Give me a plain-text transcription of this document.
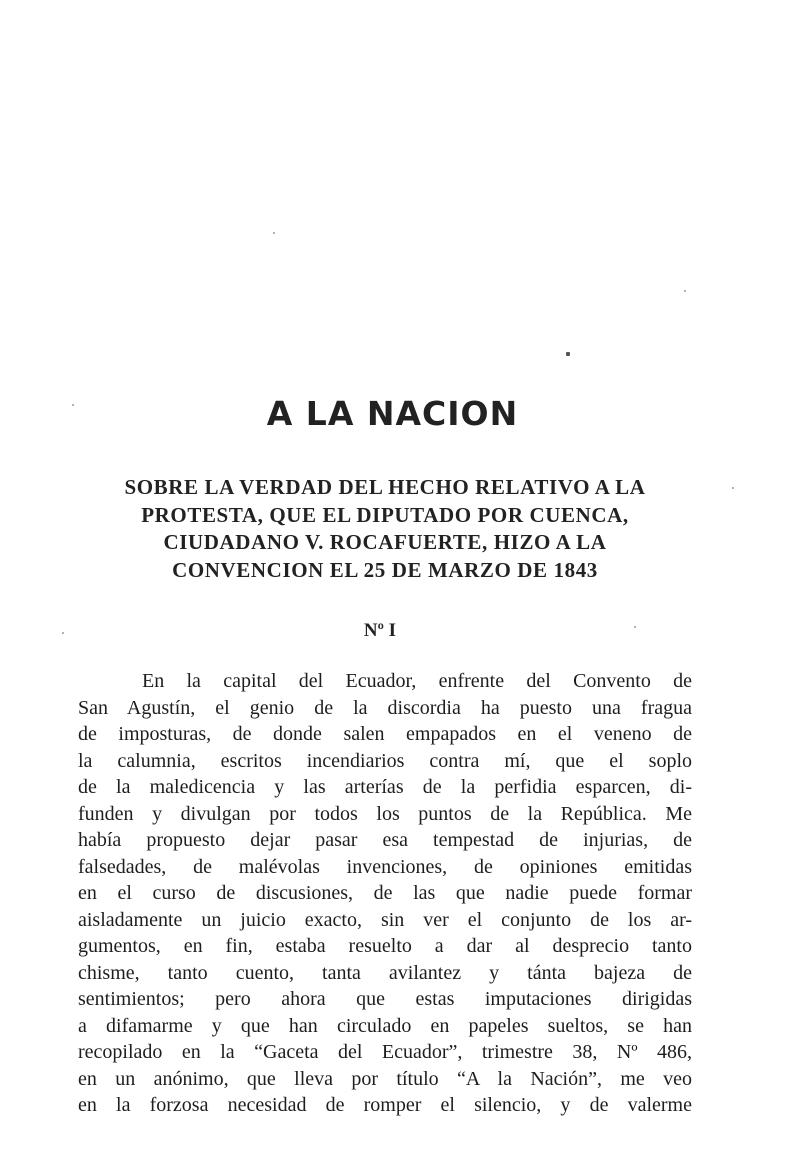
A LA NACION
SOBRE LA VERDAD DEL HECHO RELATIVO A LA
PROTESTA, QUE EL DIPUTADO POR CUENCA,
CIUDADANO V. ROCAFUERTE, HIZO A LA
CONVENCION EL 25 DE MARZO DE 1843
Nº I
En la capital del Ecuador, enfrente del Convento de
San Agustín, el genio de la discordia ha puesto una fragua
de imposturas, de donde salen empapados en el veneno de
la calumnia, escritos incendiarios contra mí, que el soplo
de la maledicencia y las arterías de la perfidia esparcen, di-
funden y divulgan por todos los puntos de la República. Me
había propuesto dejar pasar esa tempestad de injurias, de
falsedades, de malévolas invenciones, de opiniones emitidas
en el curso de discusiones, de las que nadie puede formar
aisladamente un juicio exacto, sin ver el conjunto de los ar-
gumentos, en fin, estaba resuelto a dar al desprecio tanto
chisme, tanto cuento, tanta avilantez y tánta bajeza de
sentimientos; pero ahora que estas imputaciones dirigidas
a difamarme y que han circulado en papeles sueltos, se han
recopilado en la “Gaceta del Ecuador”, trimestre 38, Nº 486,
en un anónimo, que lleva por título “A la Nación”, me veo
en la forzosa necesidad de romper el silencio, y de valerme
